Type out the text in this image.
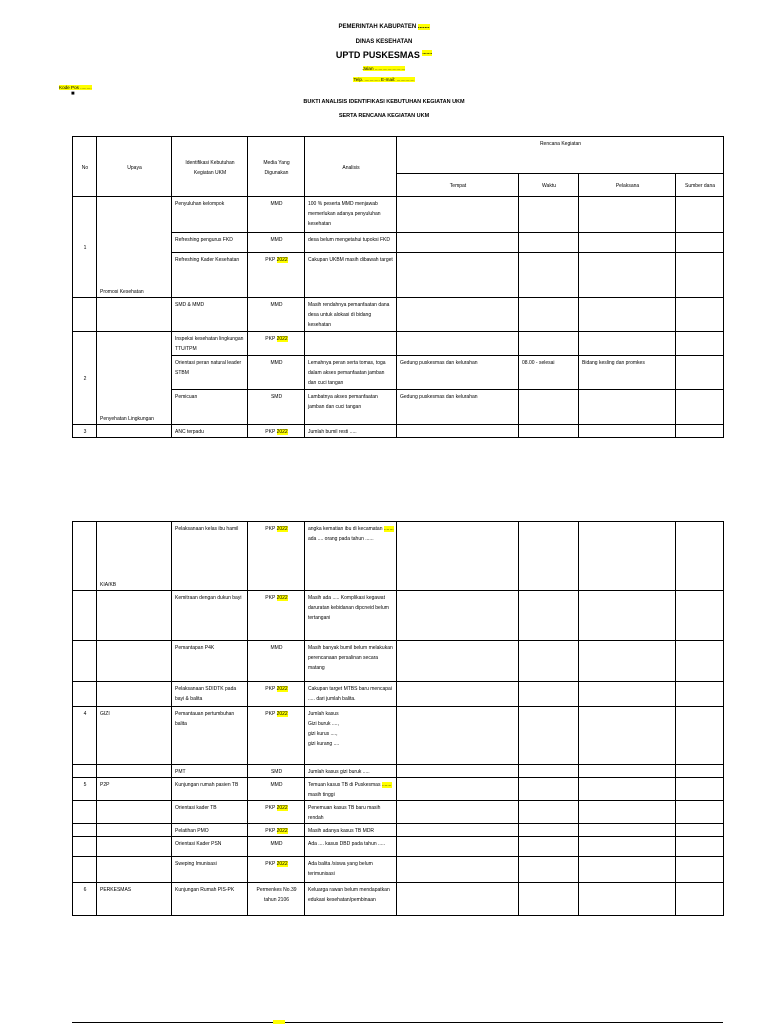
PEMERINTAH KABUPATEN .......
DINAS KESEHATAN
UPTD PUSKESMAS .......
Jalan ........................
Telp. ............ E-mail: ..............
Kode Pos .........
■
BUKTI ANALISIS IDENTIFIKASI KEBUTUHAN KEGIATAN UKM
SERTA RENCANA KEGIATAN UKM
No	Upaya	Identifikasi Kebutuhan Kegiatan UKM	Media Yang Digunakan	Analisis	Rencana Kegiatan			
					Tempat	Waktu	Pelaksana	Sumber dana
1	Promosi Kesehatan	Penyuluhan kelompok	MMD	100 % peserta MMD menjawab memerlukan adanya penyuluhan kesehatan				
		Refreshing pengurus FKD	MMD	desa belum mengetahui tupoksi FKD				
		Refreshing Kader Kesehatan	PKP 2022	Cakupan UKBM masih dibawah target				
		SMD & MMD	MMD	Masih rendahnya pemanfaatan dana desa untuk alokasi di bidang kesehatan				
2	Penyehatan Lingkungan	Inspeksi kesehatan lingkungan TTU/TPM	PKP 2022					
		Orientasi peran natural leader STBM	MMD	Lemahnya peran serta tomas, toga dalam akses pemanfaatan jamban dan cuci tangan	Gedung puskesmas dan kelurahan	08.00 - selesai	Bidang kesling dan promkes	
		Pemicuan	SMD	Lambatnya akses pemanfaatan jamban dan cuci tangan	Gedung puskesmas dan kelurahan			
3		ANC terpadu	PKP 2022	Jumlah bumil resti .....				
	KIA/KB	Pelaksanaan kelas ibu hamil	PKP 2022	angka kematian ibu di kecamatan ....... ada .... orang pada tahun ......				
		Kemitraan dengan dukun bayi	PKP 2022	Masih ada ..... Komplikasi kegawat daruratan kebidanan dipcneid belum tertangani				
		Pemantapan P4K	MMD	Masih banyak bumil belum melakukan perencanaan persalinan secara matang				
		Pelaksanaan SDIDTK pada bayi & balita	PKP 2022	Cakupan target MTBS baru mencapai ..... dari jumlah balita.				
4	GIZI	Pemantauan pertumbuhan balita	PKP 2022	Jumlah kasus
Gizi buruk ....,
gizi kurus ....,
gizi kurang ....				

		PMT	SMD	Jumlah kasus gizi buruk .....				
5	P2P	Kunjungan rumah pasien TB	MMD	Temuan kasus TB di Puskesmas ....... masih tinggi				
		Orientasi kader TB	PKP 2022	Penemuan kasus TB baru masih rendah				
		Pelatihan PMO	PKP 2022	Masih adanya kasus TB MDR				
		Orientasi Kader PSN	MMD	Ada .... kasus DBD pada tahun .....				
		Sweping Imunisasi	PKP 2022	Ada balita /siswa yang belum terimunisasi				
6	PERKESMAS	Kunjungan Rumah PIS-PK	Permenkes No.39 tahun 2106	Keluarga rawan belum mendapatkan edukasi kesehatan/pembinaan				
